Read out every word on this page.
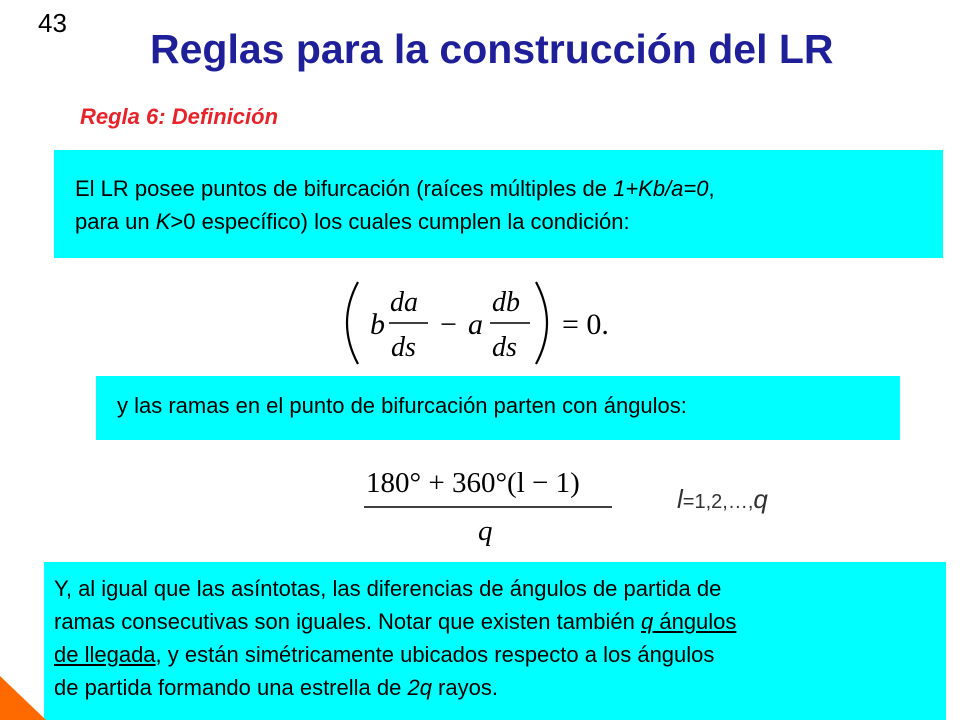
43
Reglas para la construcción del LR
Regla 6: Definición
El LR posee puntos de bifurcación (raíces múltiples de 1+Kb/a=0,
para un K>0 específico) los cuales cumplen la condición:
b
da
ds
− a
db
ds
= 0.
y las ramas en el punto de bifurcación parten con ángulos:
180° + 360°(l − 1)
q
l=1,2,…,q
Y, al igual que las asíntotas, las diferencias de ángulos de partida de
ramas consecutivas son iguales. Notar que existen también q ángulos
de llegada, y están simétricamente ubicados respecto a los ángulos
de partida formando una estrella de 2q rayos.
